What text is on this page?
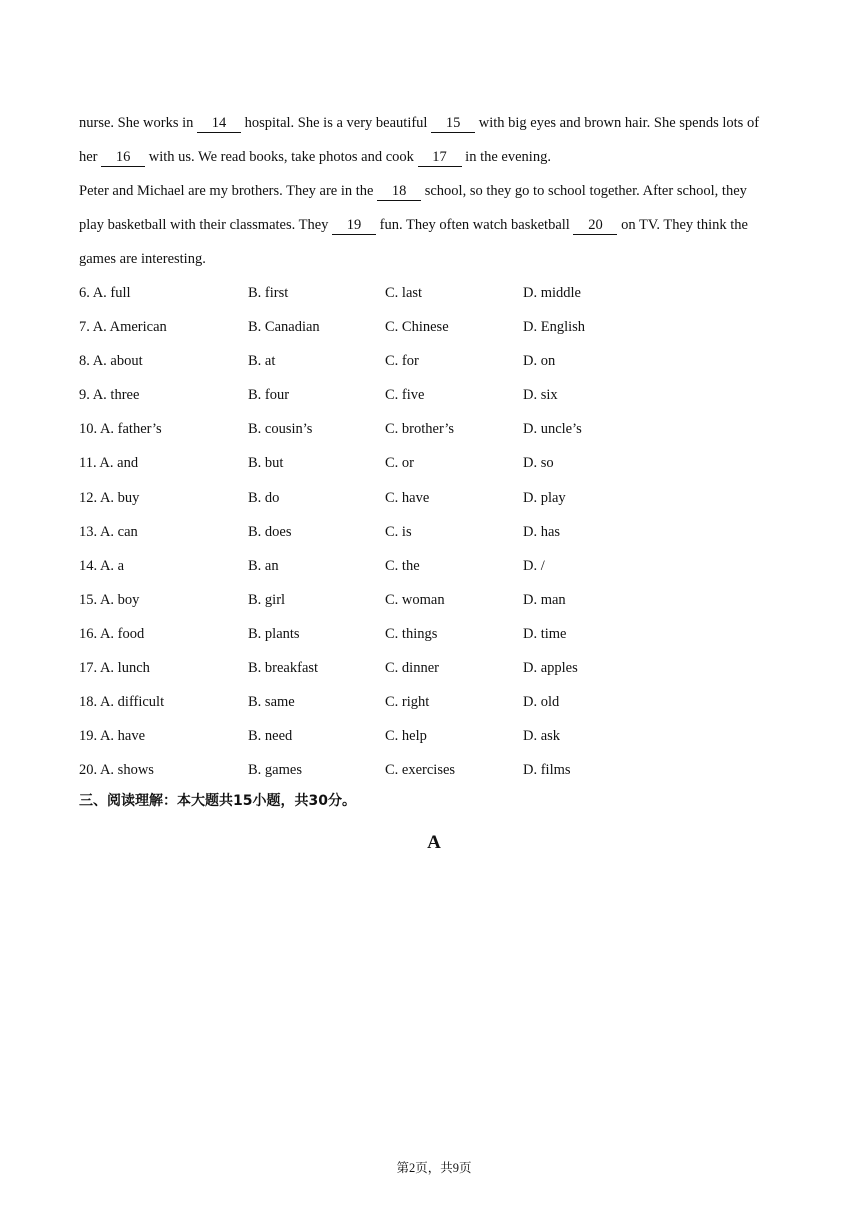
nurse. She works in 14 hospital. She is a very beautiful 15 with big eyes and brown hair. She spends lots of
her 16 with us. We read books, take photos and cook 17 in the evening.
Peter and Michael are my brothers. They are in the 18 school, so they go to school together. After school, they
play basketball with their classmates. They 19 fun. They often watch basketball 20 on TV. They think the
games are interesting.
6. A. full	B. first	C. last	D. middle
7. A. American	B. Canadian	C. Chinese	D. English
8. A. about	B. at	C. for	D. on
9. A. three	B. four	C. five	D. six
10. A. father’s	B. cousin’s	C. brother’s	D. uncle’s
11. A. and	B. but	C. or	D. so
12. A. buy	B. do	C. have	D. play
13. A. can	B. does	C. is	D. has
14. A. a	B. an	C. the	D. /
15. A. boy	B. girl	C. woman	D. man
16. A. food	B. plants	C. things	D. time
17. A. lunch	B. breakfast	C. dinner	D. apples
18. A. difficult	B. same	C. right	D. old
19. A. have	B. need	C. help	D. ask
20. A. shows	B. games	C. exercises	D. films
三、阅读理解：本大题共15小题，共30分。
A
第2页，共9页
